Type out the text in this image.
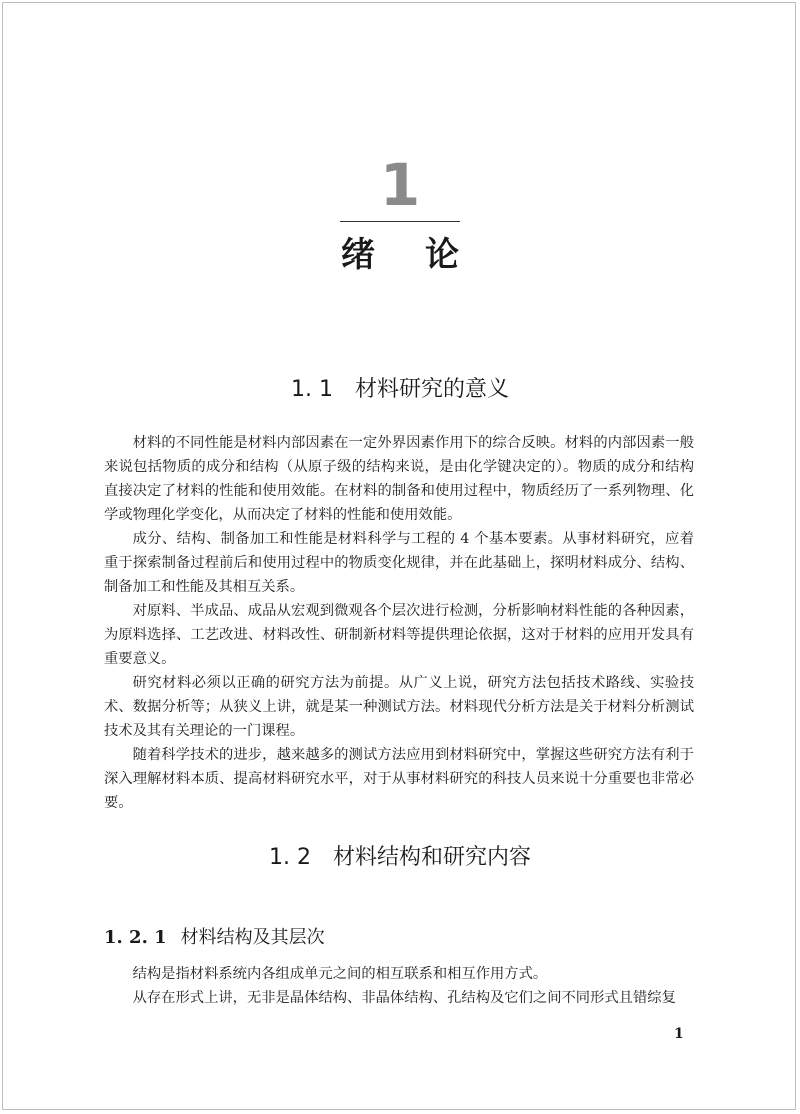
1
绪论
1. 1 材料研究的意义

材料的不同性能是材料内部因素在一定外界因素作用下的综合反映。材料的内部因素一般来说包括物质的成分和结构（从原子级的结构来说，是由化学键决定的）。物质的成分和结构直接决定了材料的性能和使用效能。在材料的制备和使用过程中，物质经历了一系列物理、化学或物理化学变化，从而决定了材料的性能和使用效能。

成分、结构、制备加工和性能是材料科学与工程的 4 个基本要素。从事材料研究，应着重于探索制备过程前后和使用过程中的物质变化规律，并在此基础上，探明材料成分、结构、制备加工和性能及其相互关系。

对原料、半成品、成品从宏观到微观各个层次进行检测，分析影响材料性能的各种因素，为原料选择、工艺改进、材料改性、研制新材料等提供理论依据，这对于材料的应用开发具有重要意义。

研究材料必须以正确的研究方法为前提。从广义上说，研究方法包括技术路线、实验技术、数据分析等；从狭义上讲，就是某一种测试方法。材料现代分析方法是关于材料分析测试技术及其有关理论的一门课程。

随着科学技术的进步，越来越多的测试方法应用到材料研究中，掌握这些研究方法有利于深入理解材料本质、提高材料研究水平，对于从事材料研究的科技人员来说十分重要也非常必要。

1. 2 材料结构和研究内容
1. 2. 1 材料结构及其层次

结构是指材料系统内各组成单元之间的相互联系和相互作用方式。

从存在形式上讲，无非是晶体结构、非晶体结构、孔结构及它们之间不同形式且错综复

1
